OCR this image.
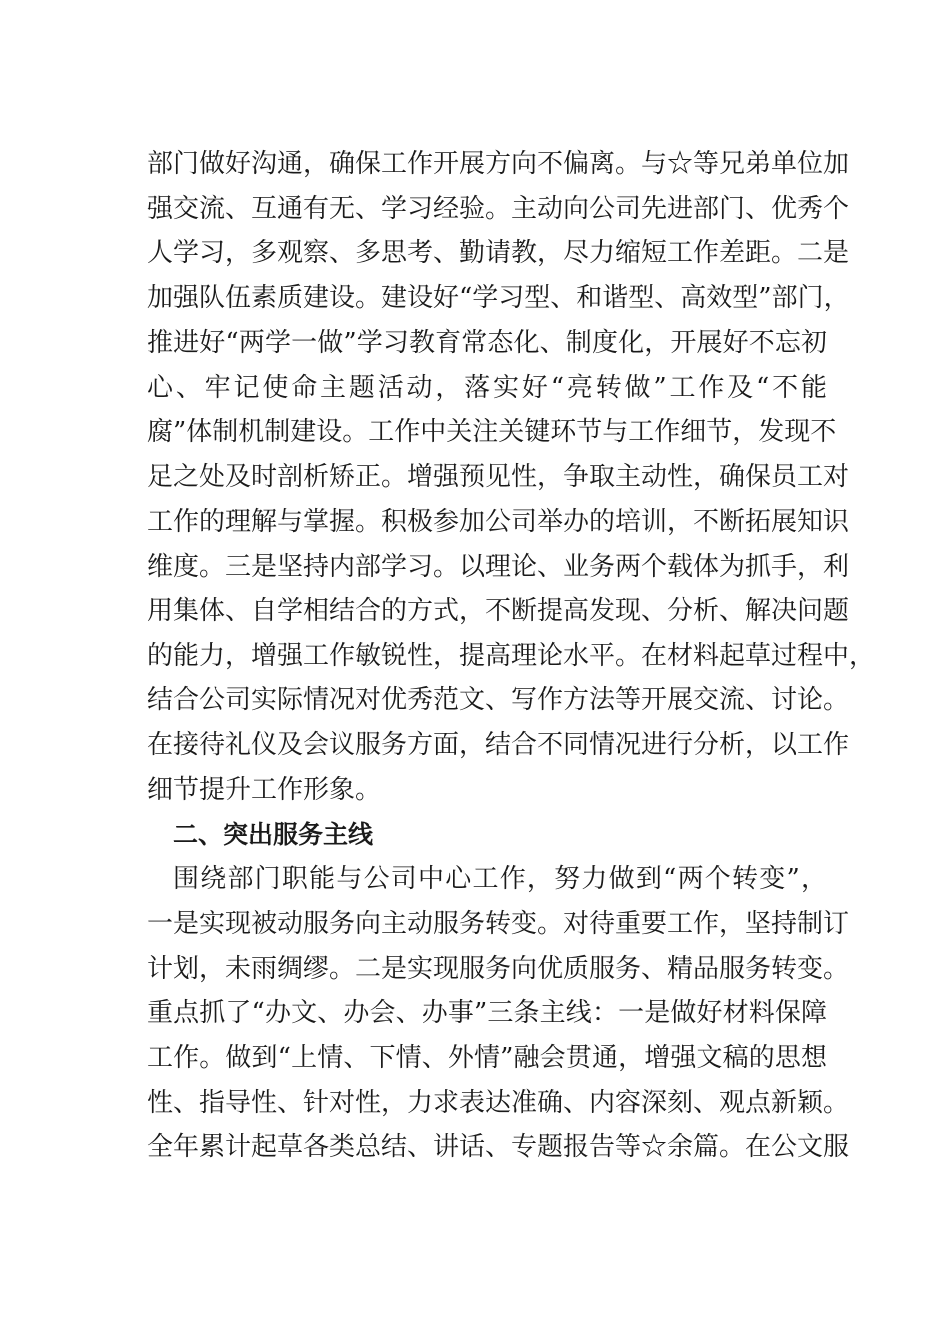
部门做好沟通，确保工作开展方向不偏离。与☆等兄弟单位加
强交流、互通有无、学习经验。主动向公司先进部门、优秀个
人学习，多观察、多思考、勤请教，尽力缩短工作差距。二是
加强队伍素质建设。建设好“学习型、和谐型、高效型”部门，
推进好“两学一做”学习教育常态化、制度化，开展好不忘初
心、牢记使命主题活动，落实好“亮转做”工作及“不能
腐”体制机制建设。工作中关注关键环节与工作细节，发现不
足之处及时剖析矫正。增强预见性，争取主动性，确保员工对
工作的理解与掌握。积极参加公司举办的培训，不断拓展知识
维度。三是坚持内部学习。以理论、业务两个载体为抓手，利
用集体、自学相结合的方式，不断提高发现、分析、解决问题
的能力，增强工作敏锐性，提高理论水平。在材料起草过程中，
结合公司实际情况对优秀范文、写作方法等开展交流、讨论。
在接待礼仪及会议服务方面，结合不同情况进行分析，以工作
细节提升工作形象。
二、突出服务主线
围绕部门职能与公司中心工作，努力做到“两个转变”，
一是实现被动服务向主动服务转变。对待重要工作，坚持制订
计划，未雨绸缪。二是实现服务向优质服务、精品服务转变。
重点抓了“办文、办会、办事”三条主线：一是做好材料保障
工作。做到“上情、下情、外情”融会贯通，增强文稿的思想
性、指导性、针对性，力求表达准确、内容深刻、观点新颖。
全年累计起草各类总结、讲话、专题报告等☆余篇。在公文服
